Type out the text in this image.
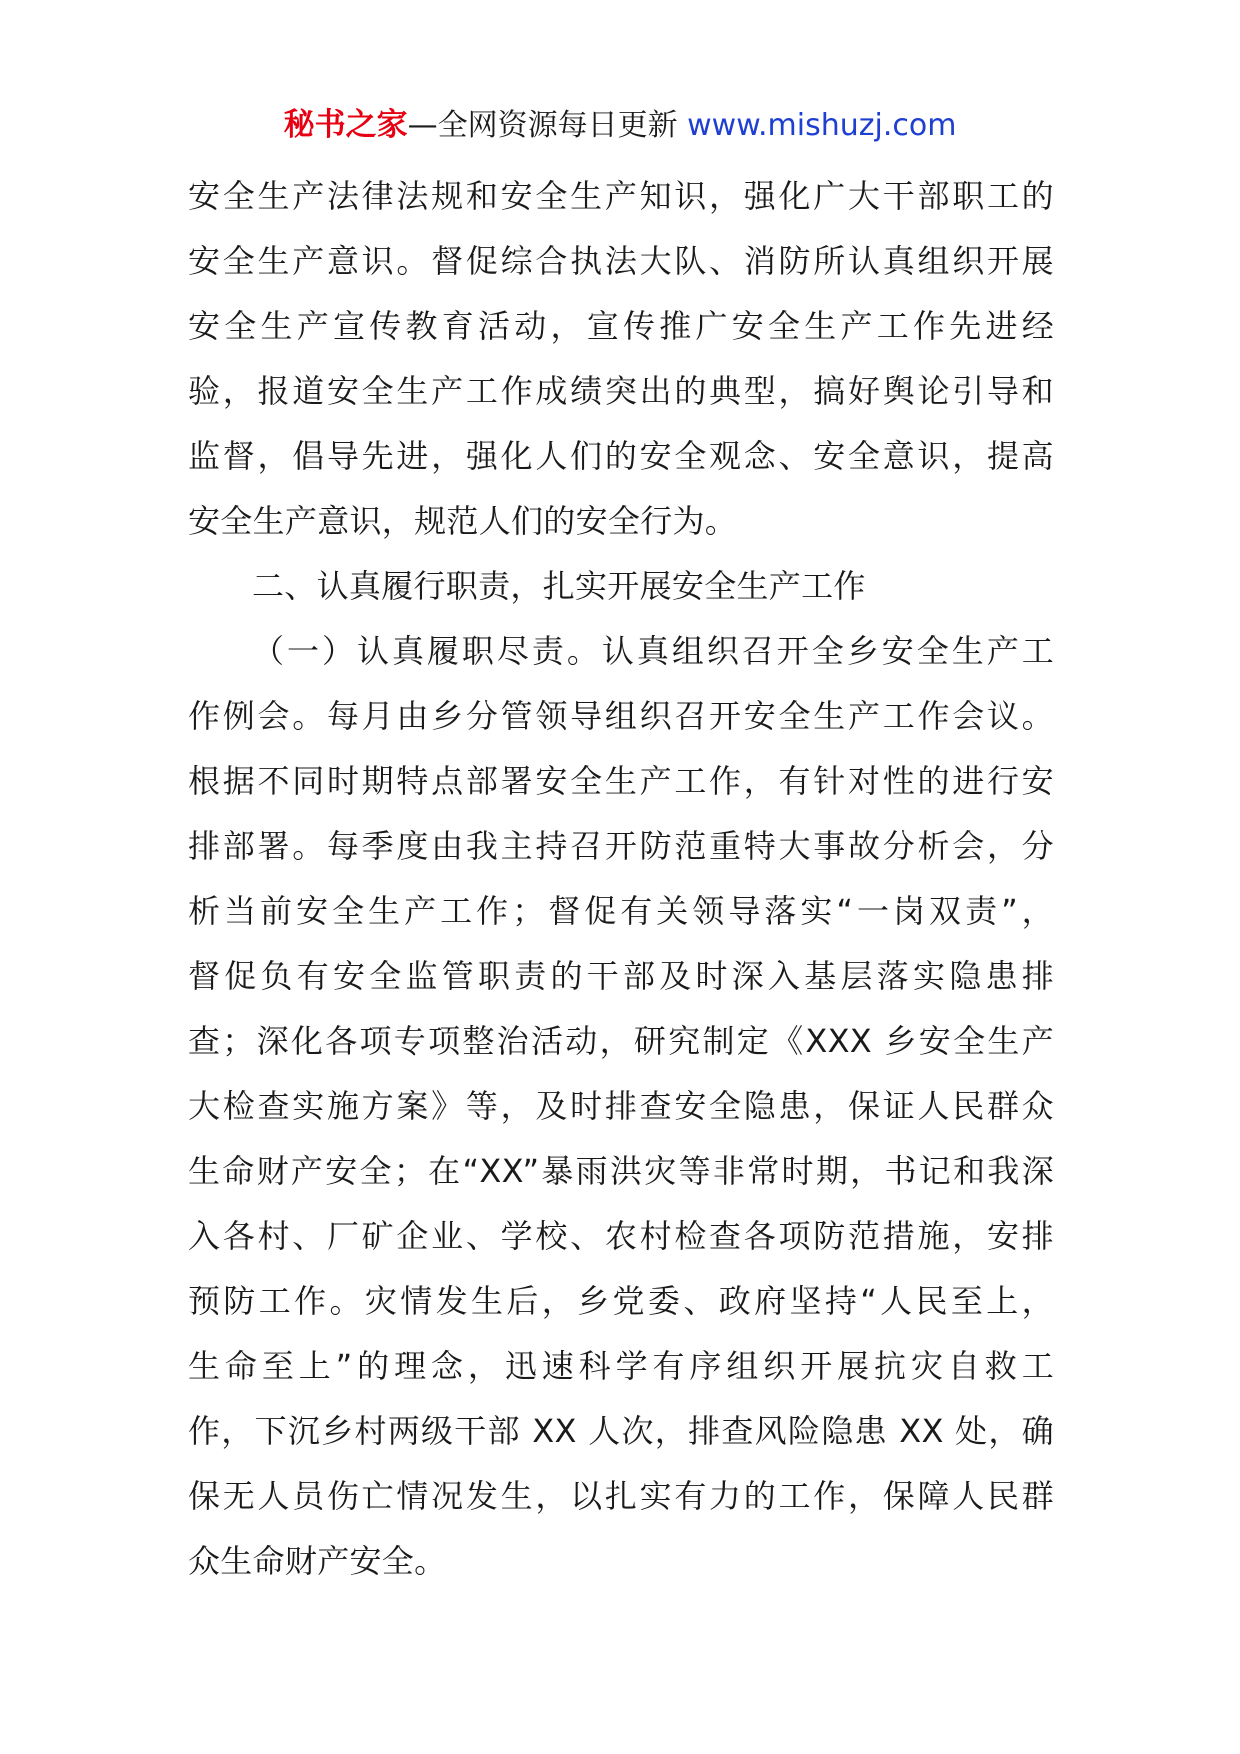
秘书之家—全网资源每日更新 www.mishuzj.com
安全生产法律法规和安全生产知识，强化广大干部职工的
安全生产意识。督促综合执法大队、消防所认真组织开展
安全生产宣传教育活动，宣传推广安全生产工作先进经
验，报道安全生产工作成绩突出的典型，搞好舆论引导和
监督，倡导先进，强化人们的安全观念、安全意识，提高
安全生产意识，规范人们的安全行为。
二、认真履行职责，扎实开展安全生产工作
（一）认真履职尽责。认真组织召开全乡安全生产工
作例会。每月由乡分管领导组织召开安全生产工作会议。
根据不同时期特点部署安全生产工作，有针对性的进行安
排部署。每季度由我主持召开防范重特大事故分析会，分
析当前安全生产工作；督促有关领导落实“一岗双责”，
督促负有安全监管职责的干部及时深入基层落实隐患排
查；深化各项专项整治活动，研究制定《XXX 乡安全生产
大检查实施方案》等，及时排查安全隐患，保证人民群众
生命财产安全；在“XX”暴雨洪灾等非常时期，书记和我深
入各村、厂矿企业、学校、农村检查各项防范措施，安排
预防工作。灾情发生后，乡党委、政府坚持“人民至上，
生命至上”的理念，迅速科学有序组织开展抗灾自救工
作，下沉乡村两级干部 XX 人次，排查风险隐患 XX 处，确
保无人员伤亡情况发生，以扎实有力的工作，保障人民群
众生命财产安全。
